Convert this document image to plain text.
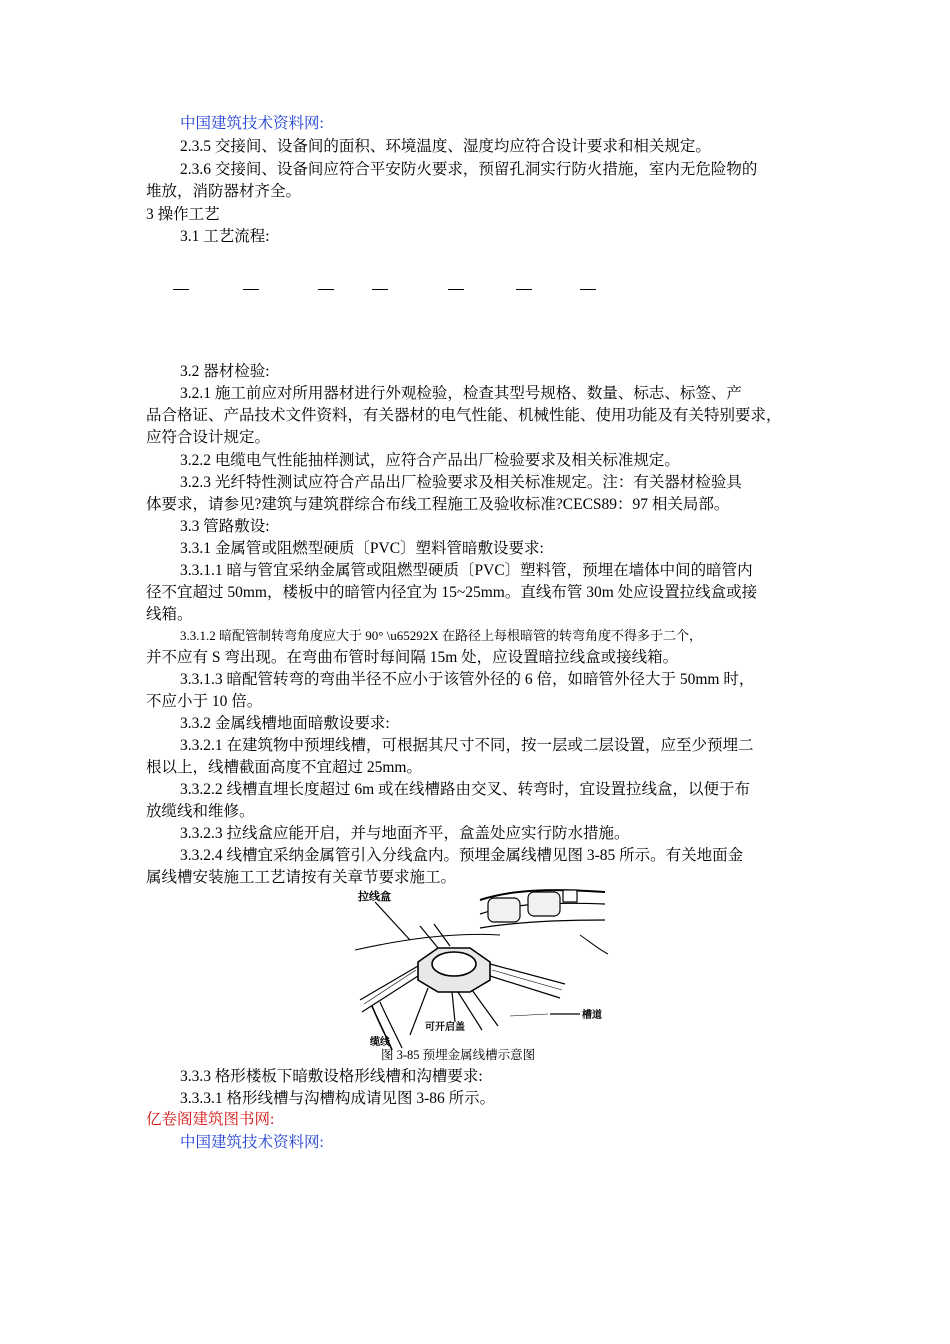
中国建筑技术资料网:
2.3.5 交接间、设备间的面积、环境温度、湿度均应符合设计要求和相关规定。
2.3.6 交接间、设备间应符合平安防火要求，预留孔洞实行防火措施，室内无危险物的
堆放，消防器材齐全。
3 操作工艺
3.1 工艺流程:
3.2 器材检验:
3.2.1 施工前应对所用器材进行外观检验，检查其型号规格、数量、标志、标签、产
品合格证、产品技术文件资料，有关器材的电气性能、机械性能、使用功能及有关特别要求，
应符合设计规定。
3.2.2 电缆电气性能抽样测试，应符合产品出厂检验要求及相关标准规定。
3.2.3 光纤特性测试应符合产品出厂检验要求及相关标准规定。注：有关器材检验具
体要求，请参见?建筑与建筑群综合布线工程施工及验收标准?CECS89：97 相关局部。
3.3 管路敷设:
3.3.1 金属管或阻燃型硬质〔PVC〕塑料管暗敷设要求:
3.3.1.1 暗与管宜采纳金属管或阻燃型硬质〔PVC〕塑料管，预埋在墙体中间的暗管内
径不宜超过 50mm，楼板中的暗管内径宜为 15~25mm。直线布管 30m 处应设置拉线盒或接
线箱。
3.3.1.2 暗配管制转弯角度应大于 90° \u65292X 在路径上每根暗管的转弯角度不得多于二个，
并不应有 S 弯出现。在弯曲布管时每间隔 15m 处，应设置暗拉线盒或接线箱。
3.3.1.3 暗配管转弯的弯曲半径不应小于该管外径的 6 倍，如暗管外径大于 50mm 时，
不应小于 10 倍。
3.3.2 金属线槽地面暗敷设要求:
3.3.2.1 在建筑物中预埋线槽，可根据其尺寸不同，按一层或二层设置，应至少预埋二
根以上，线槽截面高度不宜超过 25mm。
3.3.2.2 线槽直埋长度超过 6m 或在线槽路由交叉、转弯时，宜设置拉线盒，以便于布
放缆线和维修。
3.3.2.3 拉线盒应能开启，并与地面齐平，盒盖处应实行防水措施。
3.3.2.4 线槽宜采纳金属管引入分线盒内。预埋金属线槽见图 3-85 所示。有关地面金
属线槽安装施工工艺请按有关章节要求施工。
拉线盒
可开启盖
槽道
缆线
图 3-85 预埋金属线槽示意图
3.3.3 格形楼板下暗敷设格形线槽和沟槽要求:
3.3.3.1 格形线槽与沟槽构成请见图 3-86 所示。
亿卷阁建筑图书网:
中国建筑技术资料网:
